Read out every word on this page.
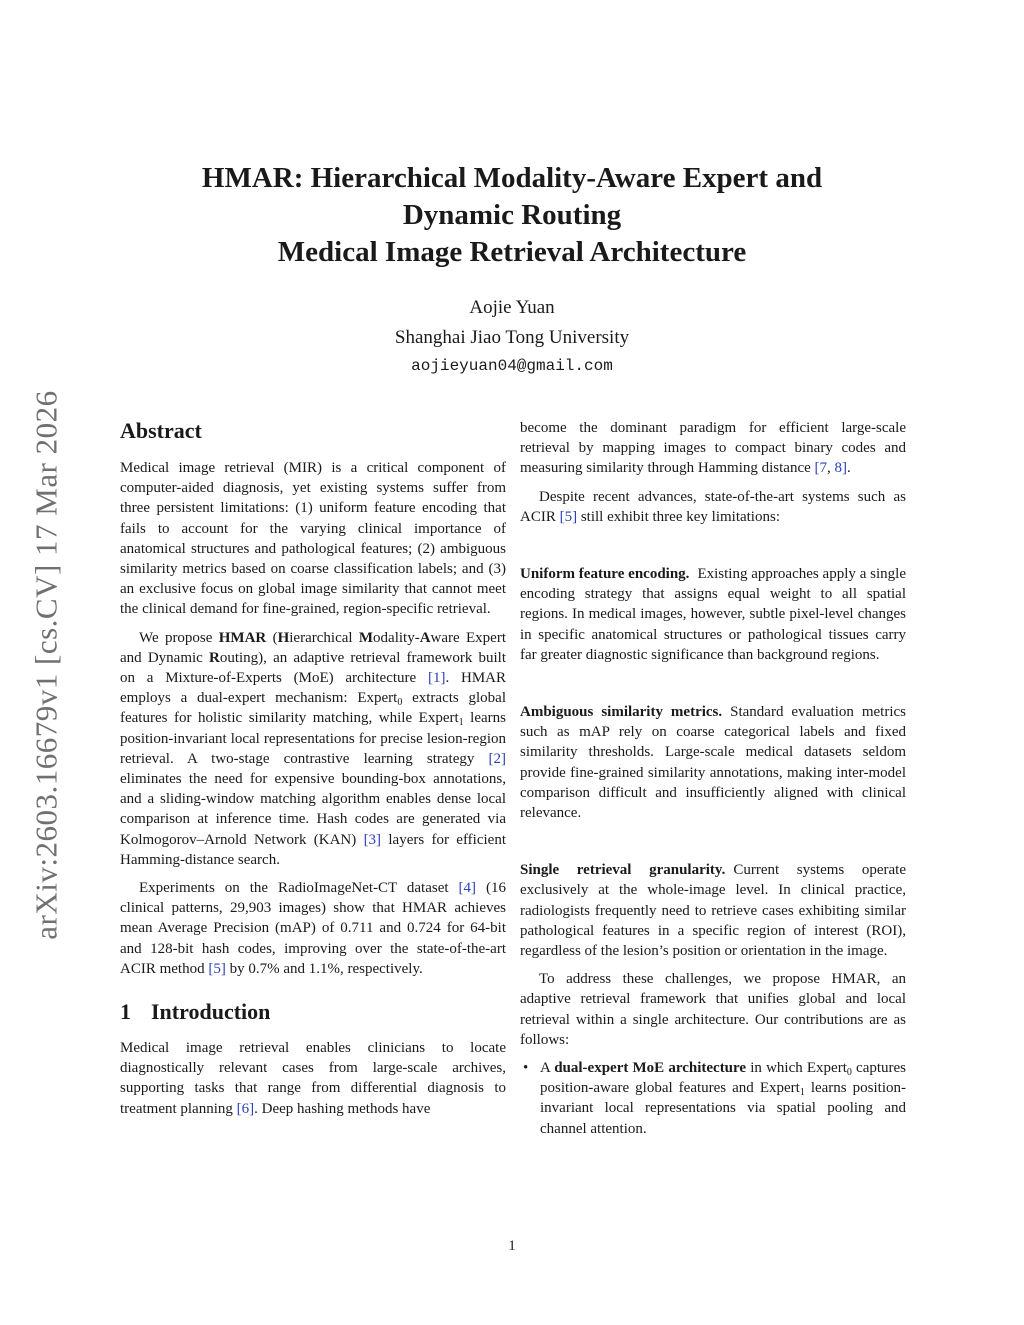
arXiv:2603.16679v1 [cs.CV] 17 Mar 2026
HMAR: Hierarchical Modality-Aware Expert and
Dynamic Routing
Medical Image Retrieval Architecture
Aojie Yuan
Shanghai Jiao Tong University
aojieyuan04@gmail.com
Abstract

Medical image retrieval (MIR) is a critical component of computer-aided diagnosis, yet existing systems suffer from three persistent limitations: (1) uniform feature encoding that fails to account for the varying clinical importance of anatomical structures and pathological features; (2) ambiguous similarity metrics based on coarse classification labels; and (3) an exclusive focus on global image similarity that cannot meet the clinical demand for fine-grained, region-specific retrieval.

We propose HMAR (Hierarchical Modality-Aware Expert and Dynamic Routing), an adaptive retrieval framework built on a Mixture-of-Experts (MoE) architecture [1]. HMAR employs a dual-expert mechanism: Expert$_0$ extracts global features for holistic similarity matching, while Expert$_1$ learns position-invariant local representations for precise lesion-region retrieval. A two-stage contrastive learning strategy [2] eliminates the need for expensive bounding-box annotations, and a sliding-window matching algorithm enables dense local comparison at inference time. Hash codes are generated via Kolmogorov–Arnold Network (KAN) [3] layers for efficient Hamming-distance search.

Experiments on the RadioImageNet-CT dataset [4] (16 clinical patterns, 29,903 images) show that HMAR achieves mean Average Precision (mAP) of 0.711 and 0.724 for 64-bit and 128-bit hash codes, improving over the state-of-the-art ACIR method [5] by 0.7% and 1.1%, respectively.

1 Introduction

Medical image retrieval enables clinicians to locate diagnostically relevant cases from large-scale archives, supporting tasks that range from differential diagnosis to treatment planning [6]. Deep hashing methods have

become the dominant paradigm for efficient large-scale retrieval by mapping images to compact binary codes and measuring similarity through Hamming distance [7, 8].

Despite recent advances, state-of-the-art systems such as ACIR [5] still exhibit three key limitations:

Uniform feature encoding. Existing approaches apply a single encoding strategy that assigns equal weight to all spatial regions. In medical images, however, subtle pixel-level changes in specific anatomical structures or pathological tissues carry far greater diagnostic significance than background regions.

Ambiguous similarity metrics. Standard evaluation metrics such as mAP rely on coarse categorical labels and fixed similarity thresholds. Large-scale medical datasets seldom provide fine-grained similarity annotations, making inter-model comparison difficult and insufficiently aligned with clinical relevance.

Single retrieval granularity. Current systems operate exclusively at the whole-image level. In clinical practice, radiologists frequently need to retrieve cases exhibiting similar pathological features in a specific region of interest (ROI), regardless of the lesion’s position or orientation in the image.

To address these challenges, we propose HMAR, an adaptive retrieval framework that unifies global and local retrieval within a single architecture. Our contributions are as follows:

• A dual-expert MoE architecture in which Expert$_0$ captures position-aware global features and Expert$_1$ learns position-invariant local representations via spatial pooling and channel attention.
1
